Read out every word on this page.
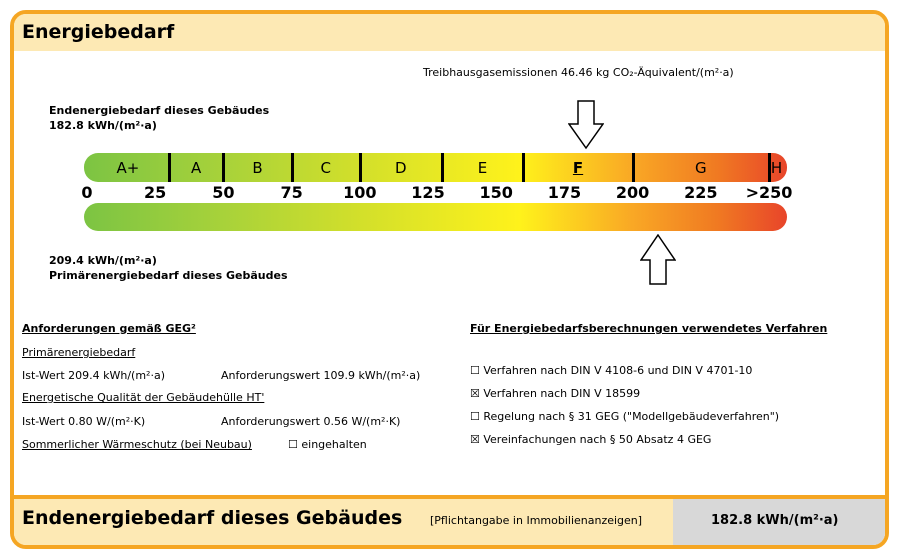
Energiebedarf
Treibhausgasemissionen 46.46 kg CO₂-Äquivalent/(m²·a)
Endenergiebedarf dieses Gebäudes
182.8 kWh/(m²·a)
0	25	50	75	100	125	150	175	200	225	>250
A+	A	B	C	D	E	F	G	H
209.4 kWh/(m²·a)
Primärenergiebedarf dieses Gebäudes
Anforderungen gemäß GEG²
Primärenergiebedarf
Ist-Wert 209.4 kWh/(m²·a)	Anforderungswert 109.9 kWh/(m²·a)
Energetische Qualität der Gebäudehülle HT'
Ist-Wert 0.80 W/(m²·K)	Anforderungswert 0.56 W/(m²·K)
Sommerlicher Wärmeschutz (bei Neubau)	☐ eingehalten
Für Energiebedarfsberechnungen verwendetes Verfahren
☐ Verfahren nach DIN V 4108-6 und DIN V 4701-10
☒ Verfahren nach DIN V 18599
☐ Regelung nach § 31 GEG ("Modellgebäudeverfahren")
☒ Vereinfachungen nach § 50 Absatz 4 GEG
Endenergiebedarf dieses Gebäudes	[Pflichtangabe in Immobilienanzeigen]	182.8 kWh/(m²·a)
